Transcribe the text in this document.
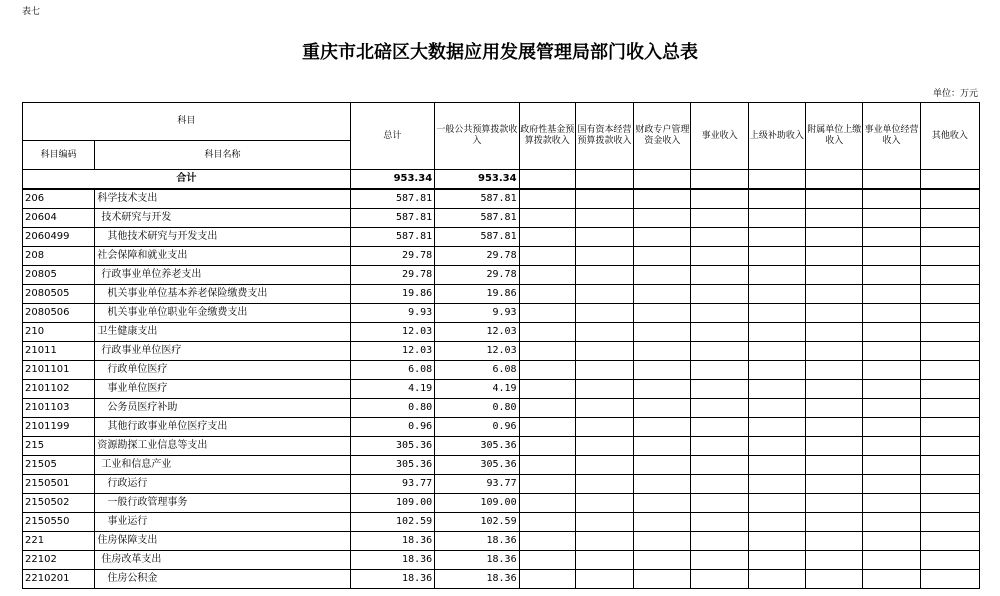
表七
重庆市北碚区大数据应用发展管理局部门收入总表
单位：万元
科目		总计	一般公共预算拨款收入	政府性基金预算拨款收入	国有资本经营预算拨款收入	财政专户管理资金收入	事业收入	上级补助收入	附属单位上缴收入	事业单位经营收入	其他收入
科目编码	科目名称										
合计		953.34	953.34								
206	科学技术支出	587.81	587.81								
20604	技术研究与开发	587.81	587.81								
2060499	其他技术研究与开发支出	587.81	587.81								
208	社会保障和就业支出	29.78	29.78								
20805	行政事业单位养老支出	29.78	29.78								
2080505	机关事业单位基本养老保险缴费支出	19.86	19.86								
2080506	机关事业单位职业年金缴费支出	9.93	9.93								
210	卫生健康支出	12.03	12.03								
21011	行政事业单位医疗	12.03	12.03								
2101101	行政单位医疗	6.08	6.08								
2101102	事业单位医疗	4.19	4.19								
2101103	公务员医疗补助	0.80	0.80								
2101199	其他行政事业单位医疗支出	0.96	0.96								
215	资源勘探工业信息等支出	305.36	305.36								
21505	工业和信息产业	305.36	305.36								
2150501	行政运行	93.77	93.77								
2150502	一般行政管理事务	109.00	109.00								
2150550	事业运行	102.59	102.59								
221	住房保障支出	18.36	18.36								
22102	住房改革支出	18.36	18.36								
2210201	住房公积金	18.36	18.36								
